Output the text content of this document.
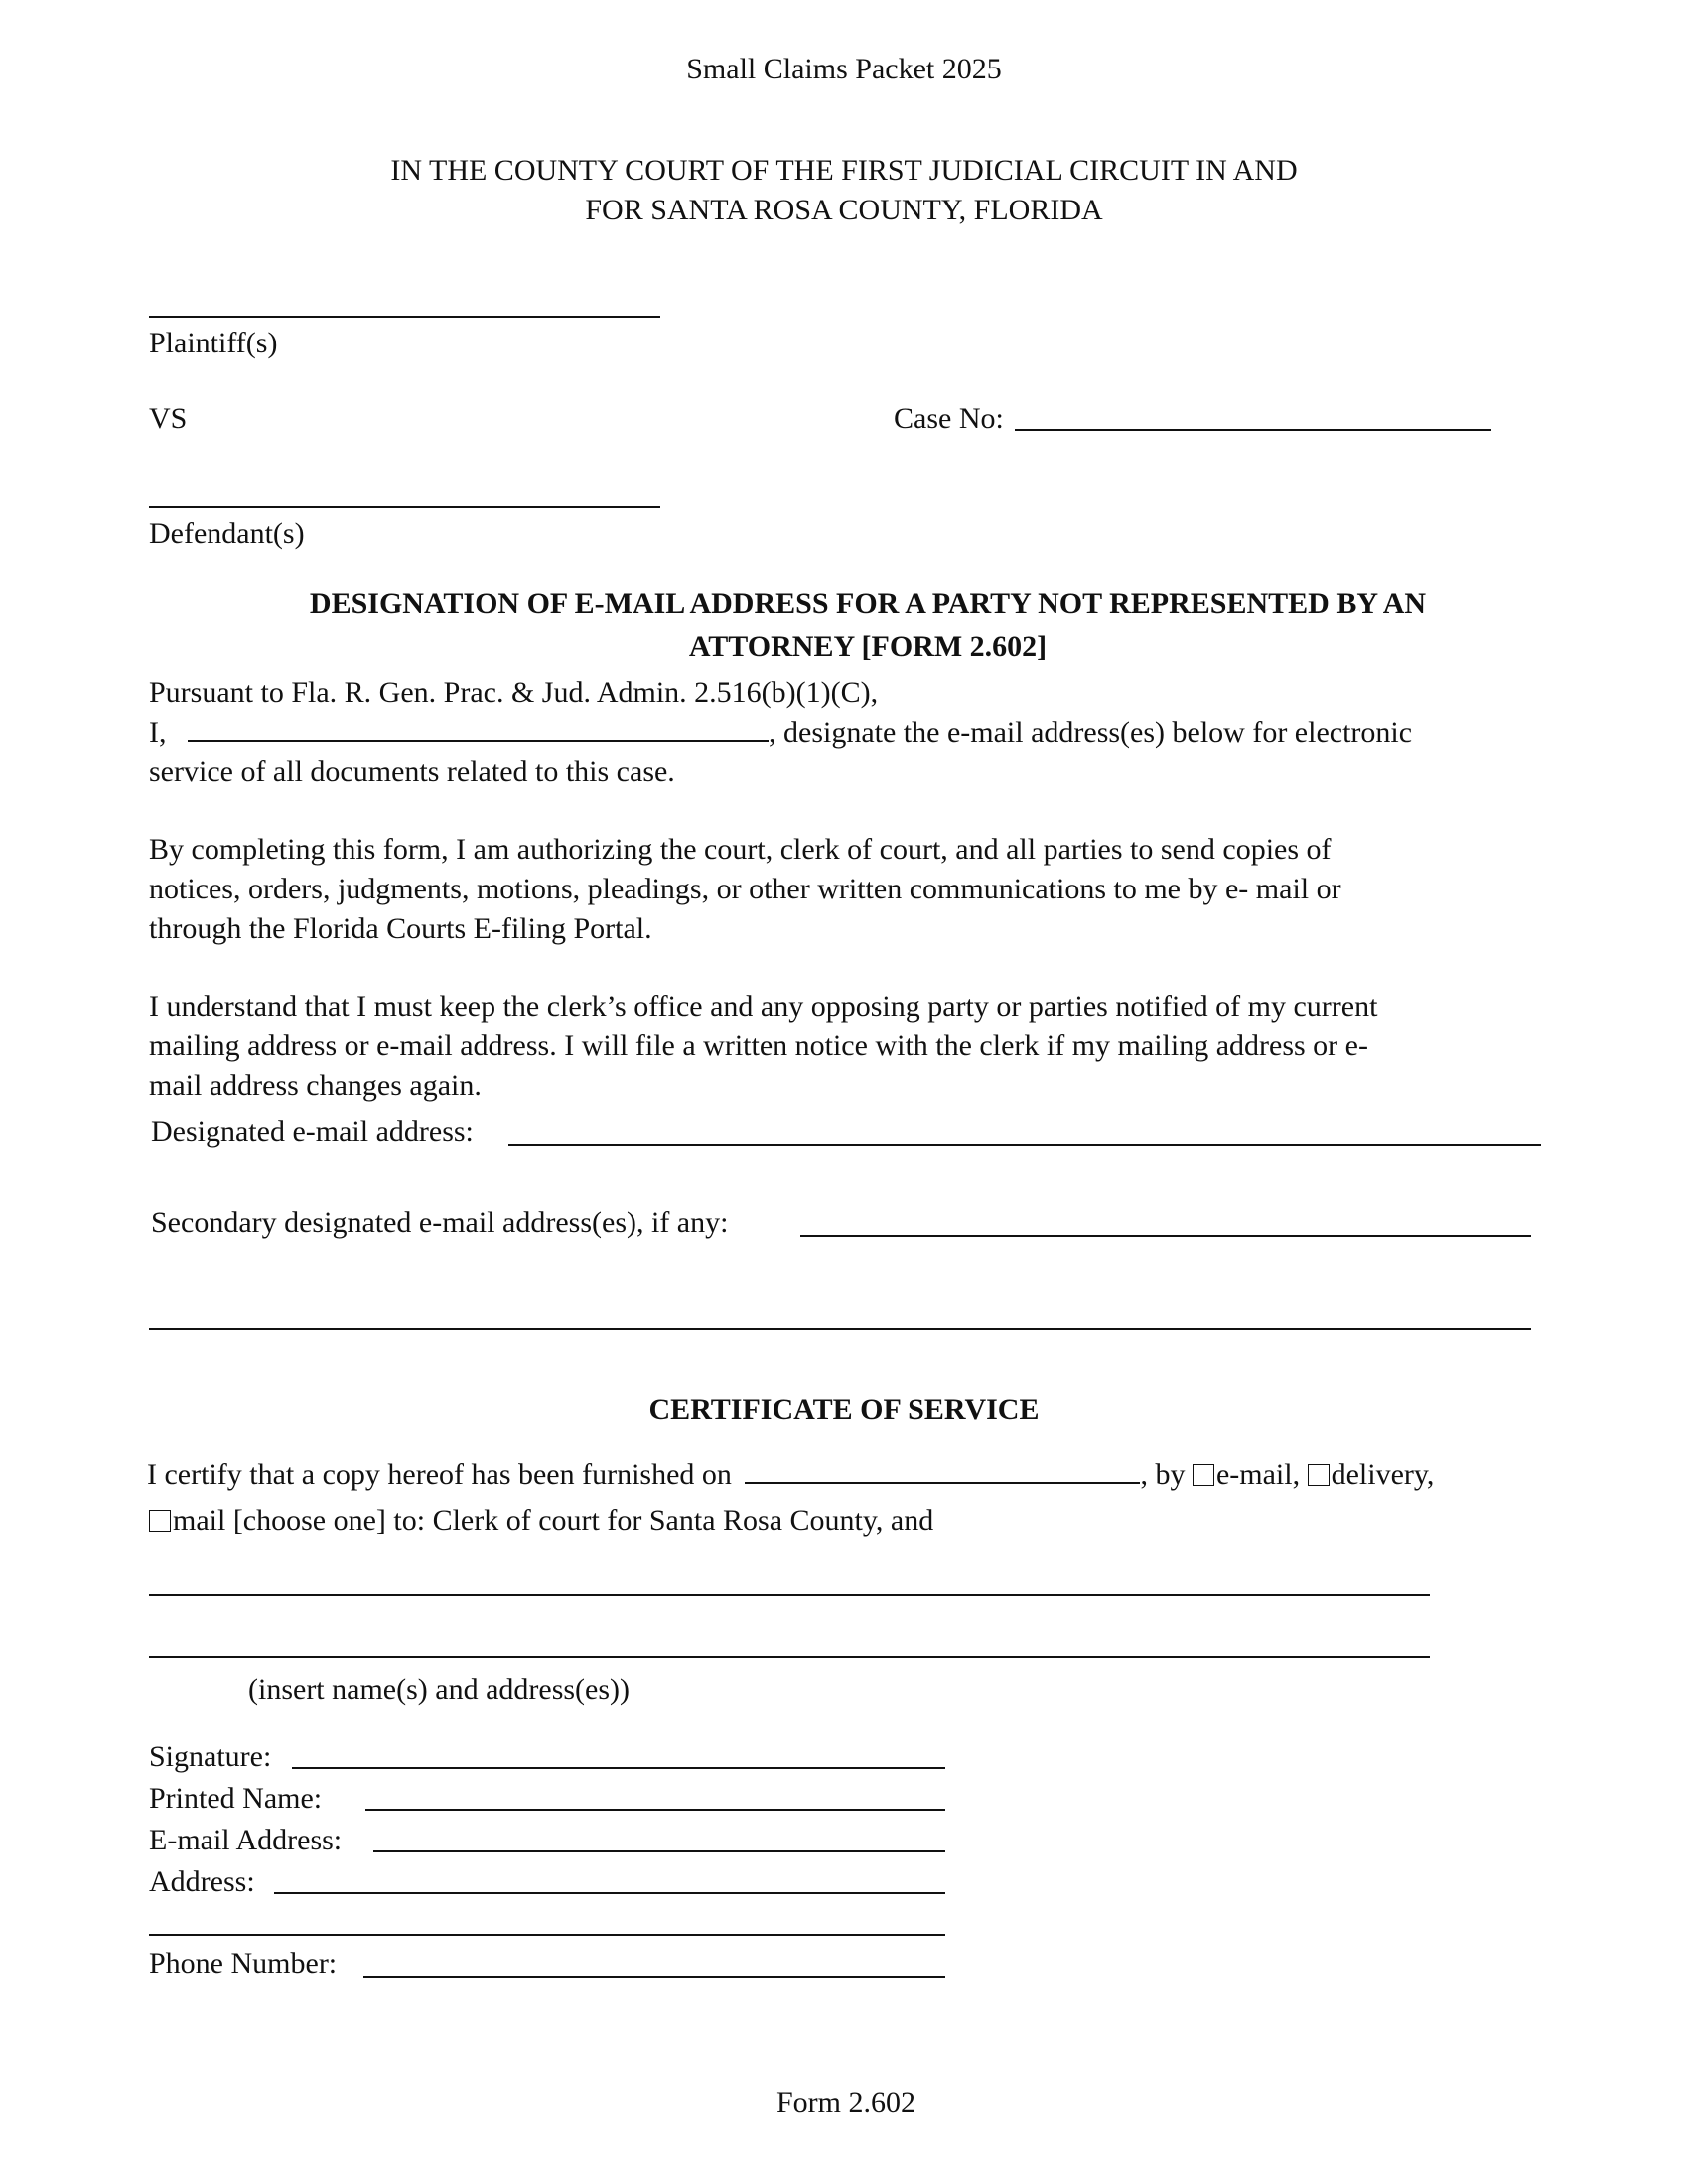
Small Claims Packet 2025
IN THE COUNTY COURT OF THE FIRST JUDICIAL CIRCUIT IN AND
FOR SANTA ROSA COUNTY, FLORIDA
Plaintiff(s)
VS	Case No:
Defendant(s)
DESIGNATION OF E-MAIL ADDRESS FOR A PARTY NOT REPRESENTED BY AN
ATTORNEY [FORM 2.602]
Pursuant to Fla. R. Gen. Prac. & Jud. Admin. 2.516(b)(1)(C),
I,	, designate the e-mail address(es) below for electronic
service of all documents related to this case.
By completing this form, I am authorizing the court, clerk of court, and all parties to send copies of
notices, orders, judgments, motions, pleadings, or other written communications to me by e- mail or
through the Florida Courts E-filing Portal.
I understand that I must keep the clerk’s office and any opposing party or parties notified of my current
mailing address or e-mail address. I will file a written notice with the clerk if my mailing address or e-
mail address changes again.
Designated e-mail address:
Secondary designated e-mail address(es), if any:
CERTIFICATE OF SERVICE
I certify that a copy hereof has been furnished on	, by e-mail, delivery,
mail [choose one] to: Clerk of court for Santa Rosa County, and
(insert name(s) and address(es))
Signature:
Printed Name:
E-mail Address:
Address:
Phone Number:
Form 2.602
